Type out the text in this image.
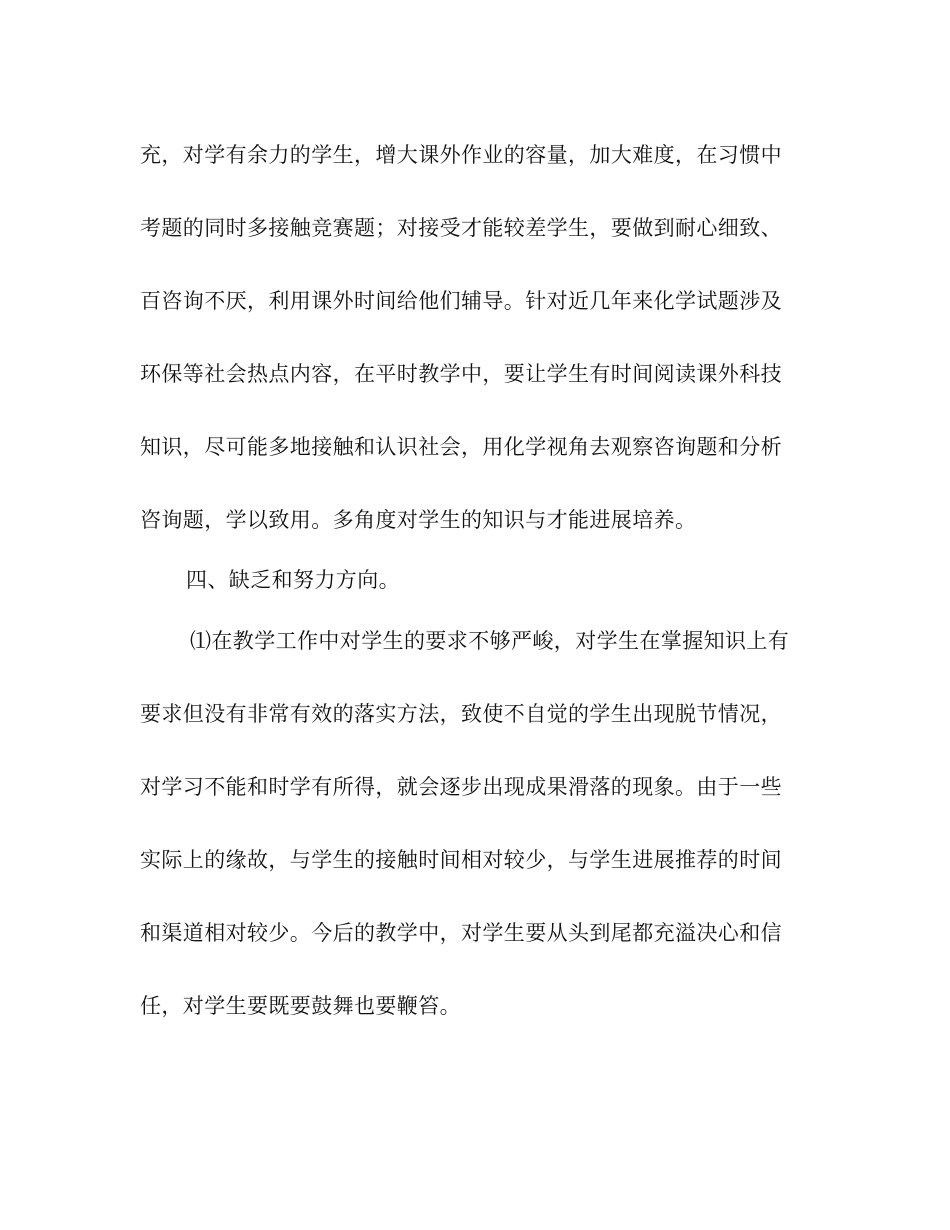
充，对学有余力的学生，增大课外作业的容量，加大难度，在习惯中
考题的同时多接触竞赛题；对接受才能较差学生，要做到耐心细致、
百咨询不厌，利用课外时间给他们辅导。针对近几年来化学试题涉及
环保等社会热点内容，在平时教学中，要让学生有时间阅读课外科技
知识，尽可能多地接触和认识社会，用化学视角去观察咨询题和分析
咨询题，学以致用。多角度对学生的知识与才能进展培养。
四、缺乏和努力方向。
⑴在教学工作中对学生的要求不够严峻，对学生在掌握知识上有
要求但没有非常有效的落实方法，致使不自觉的学生出现脱节情况，
对学习不能和时学有所得，就会逐步出现成果滑落的现象。由于一些
实际上的缘故，与学生的接触时间相对较少，与学生进展推荐的时间
和渠道相对较少。今后的教学中，对学生要从头到尾都充溢决心和信
任，对学生要既要鼓舞也要鞭笞。
